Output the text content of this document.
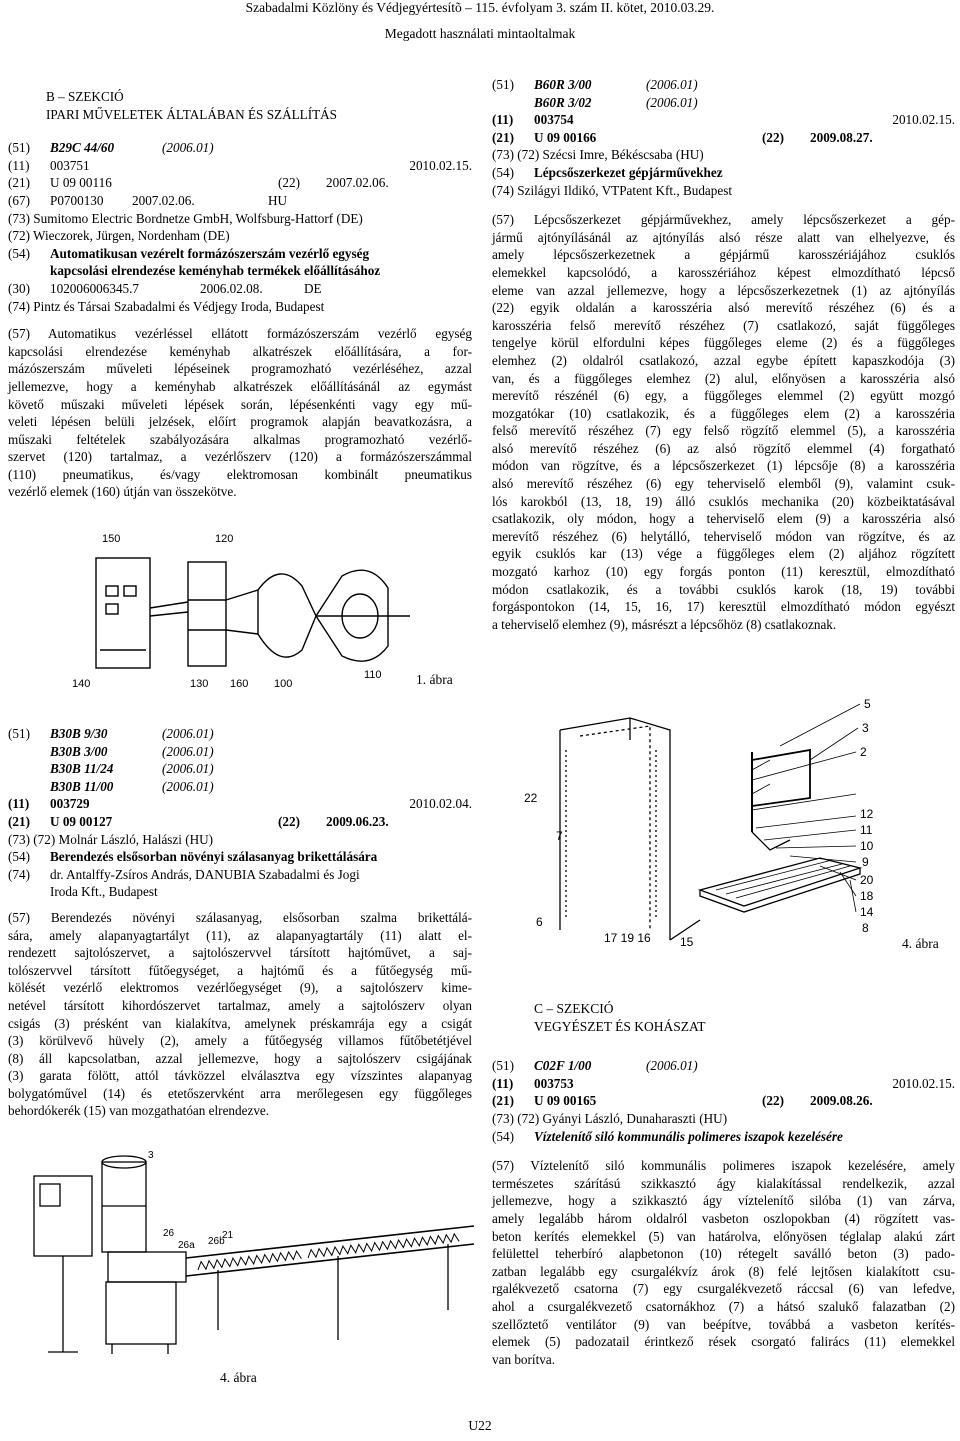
Szabadalmi Közlöny és Védjegyértesítõ – 115. évfolyam 3. szám II. kötet, 2010.03.29.
Megadott használati mintaoltalmak
B – SZEKCIÓ
IPARI MŰVELETEK ÁLTALÁBAN ÉS SZÁLLÍTÁS
(51)	B29C 44/60	(2006.01)
(11)	003751	2010.02.15.
(21)	U 09 00116	(22)	2007.02.06.
(67)	P0700130	2007.02.06.	HU
(73) Sumitomo Electric Bordnetze GmbH, Wolfsburg-Hattorf (DE)
(72) Wieczorek, Jürgen, Nordenham (DE)
(54)	Automatikusan vezérelt formázószerszám vezérlő egység
kapcsolási elrendezése keményhab termékek előállításához
(30)	102006006345.7	2006.02.08.	DE
(74) Pintz és Társai Szabadalmi és Védjegy Iroda, Budapest
(57) Automatikus vezérléssel ellátott formázószerszám vezérlő egység
kapcsolási elrendezése keményhab alkatrészek előállítására, a for-
mázószerszám műveleti lépéseinek programozható vezérléséhez, azzal
jellemezve, hogy a keményhab alkatrészek előállításánál az egymást
követő műszaki műveleti lépések során, lépésenkénti vagy egy mű-
veleti lépésen belüli jelzések, előírt programok alapján beavatkozásra, a
műszaki feltételek szabályozására alkalmas programozható vezérlő-
szervet (120) tartalmaz, a vezérlőszerv (120) a formázószerszámmal
(110) pneumatikus, és/vagy elektromosan kombinált pneumatikus
vezérlő elemek (160) útján van összekötve.
150	120
140	130 160 100
110	1. ábra
(51)	B30B 9/30	(2006.01)
B30B 3/00	(2006.01)
B30B 11/24	(2006.01)
B30B 11/00	(2006.01)
(11)	003729	2010.02.04.
(21)	U 09 00127	(22)	2009.06.23.
(73) (72) Molnár László, Halászi (HU)
(54)	Berendezés elsősorban növényi szálasanyag brikettálására
(74)	dr. Antalffy-Zsíros András, DANUBIA Szabadalmi és Jogi
Iroda Kft., Budapest
(57) Berendezés növényi szálasanyag, elsősorban szalma brikettálá-
sára, amely alapanyagtartályt (11), az alapanyagtartály (11) alatt el-
rendezett sajtolószervet, a sajtolószervvel társított hajtóművet, a saj-
tolószervvel társított fűtőegységet, a hajtómű és a fűtőegység mű-
kölését vezérlő elektromos vezérlőegységet (9), a sajtolószerv kime-
netével társított kihordószervet tartalmaz, amely a sajtolószerv olyan
csigás (3) présként van kialakítva, amelynek préskamrája egy a csigát
(3) körülvevő hüvely (2), amely a fűtőegység villamos fűtőbetétjével
(8) áll kapcsolatban, azzal jellemezve, hogy a sajtolószerv csigájának
(3) garata fölött, attól távközzel elválasztva egy vízszintes alapanyag
bolygatóművel (14) és etetőszervként arra merőlegesen egy függőleges
behordókerék (15) van mozgathatóan elrendezve.
3
26
26a 26b
21
4. ábra
(51)	B60R 3/00	(2006.01)
B60R 3/02	(2006.01)
(11)	003754	2010.02.15.
(21)	U 09 00166	(22)	2009.08.27.
(73) (72) Szécsi Imre, Békéscsaba (HU)
(54)	Lépcsőszerkezet gépjárművekhez
(74) Szilágyi Ildikó, VTPatent Kft., Budapest
(57) Lépcsőszerkezet gépjárművekhez, amely lépcsőszerkezet a gép-
jármű ajtónyílásánál az ajtónyílás alsó része alatt van elhelyezve, és
amely lépcsőszerkezetnek a gépjármű karosszériájához csuklós
elemekkel kapcsolódó, a karosszériához képest elmozdítható lépcső
eleme van azzal jellemezve, hogy a lépcsőszerkezetnek (1) az ajtónyílás
(22) egyik oldalán a karosszéria alsó merevítő részéhez (6) és a
karosszéria felső merevítő részéhez (7) csatlakozó, saját függőleges
tengelye körül elfordulni képes függőleges eleme (2) és a függőleges
elemhez (2) oldalról csatlakozó, azzal egybe épített kapaszkodója (3)
van, és a függőleges elemhez (2) alul, előnyösen a karosszéria alsó
merevítő részénél (6) egy, a függőleges elemmel (2) együtt mozgó
mozgatókar (10) csatlakozik, és a függőleges elem (2) a karosszéria
felső merevítő részéhez (7) egy felső rögzítő elemmel (5), a karosszéria
alsó merevítő részéhez (6) az alsó rögzítő elemmel (4) forgatható
módon van rögzítve, és a lépcsőszerkezet (1) lépcsője (8) a karosszéria
alsó merevítő részéhez (6) egy teherviselő elemből (9), valamint csuk-
lós karokból (13, 18, 19) álló csuklós mechanika (20) közbeiktatásával
csatlakozik, oly módon, hogy a teherviselő elem (9) a karosszéria alsó
merevítő részéhez (6) helytálló, teherviselő módon van rögzítve, és az
egyik csuklós kar (13) vége a függőleges elem (2) aljához rögzített
mozgató karhoz (10) egy forgás ponton (11) keresztül, elmozdítható
módon csatlakozik, és a további csuklós karok (18, 19) további
forgáspontokon (14, 15, 16, 17) keresztül elmozdítható módon egyészt
a teherviselő elemhez (9), másrészt a lépcsőhöz (8) csatlakoznak.
5
3
2
22
7
12
11
10
9
20
18
14
8
6
17 19 16 15	4. ábra
C – SZEKCIÓ
VEGYÉSZET ÉS KOHÁSZAT
(51)	C02F 1/00	(2006.01)
(11)	003753	2010.02.15.
(21)	U 09 00165	(22)	2009.08.26.
(73) (72) Gyányi László, Dunaharaszti (HU)
(54)	Víztelenítő siló kommunális polimeres iszapok kezelésére
(57) Víztelenítő siló kommunális polimeres iszapok kezelésére, amely
természetes szárítású szikkasztó ágy kialakítással rendelkezik, azzal
jellemezve, hogy a szikkasztó ágy víztelenítő silóba (1) van zárva,
amely legalább három oldalról vasbeton oszlopokban (4) rögzített vas-
beton kerítés elemekkel (5) van határolva, előnyösen téglalap alakú zárt
felülettel teherbíró alapbetonon (10) rétegelt saválló beton (3) pado-
zatban legalább egy csurgalékvíz árok (8) felé lejtősen kialakított csu-
rgalékvezető csatorna (7) egy csurgalékvezető ráccsal (6) van lefedve,
ahol a csurgalékvezető csatornákhoz (7) a hátsó szalukő falazatban (2)
szellőztető ventilátor (9) van beépítve, továbbá a vasbeton kerítés-
elemek (5) padozatail érintkező rések csorgató falirács (11) elemekkel
van borítva.
U22
